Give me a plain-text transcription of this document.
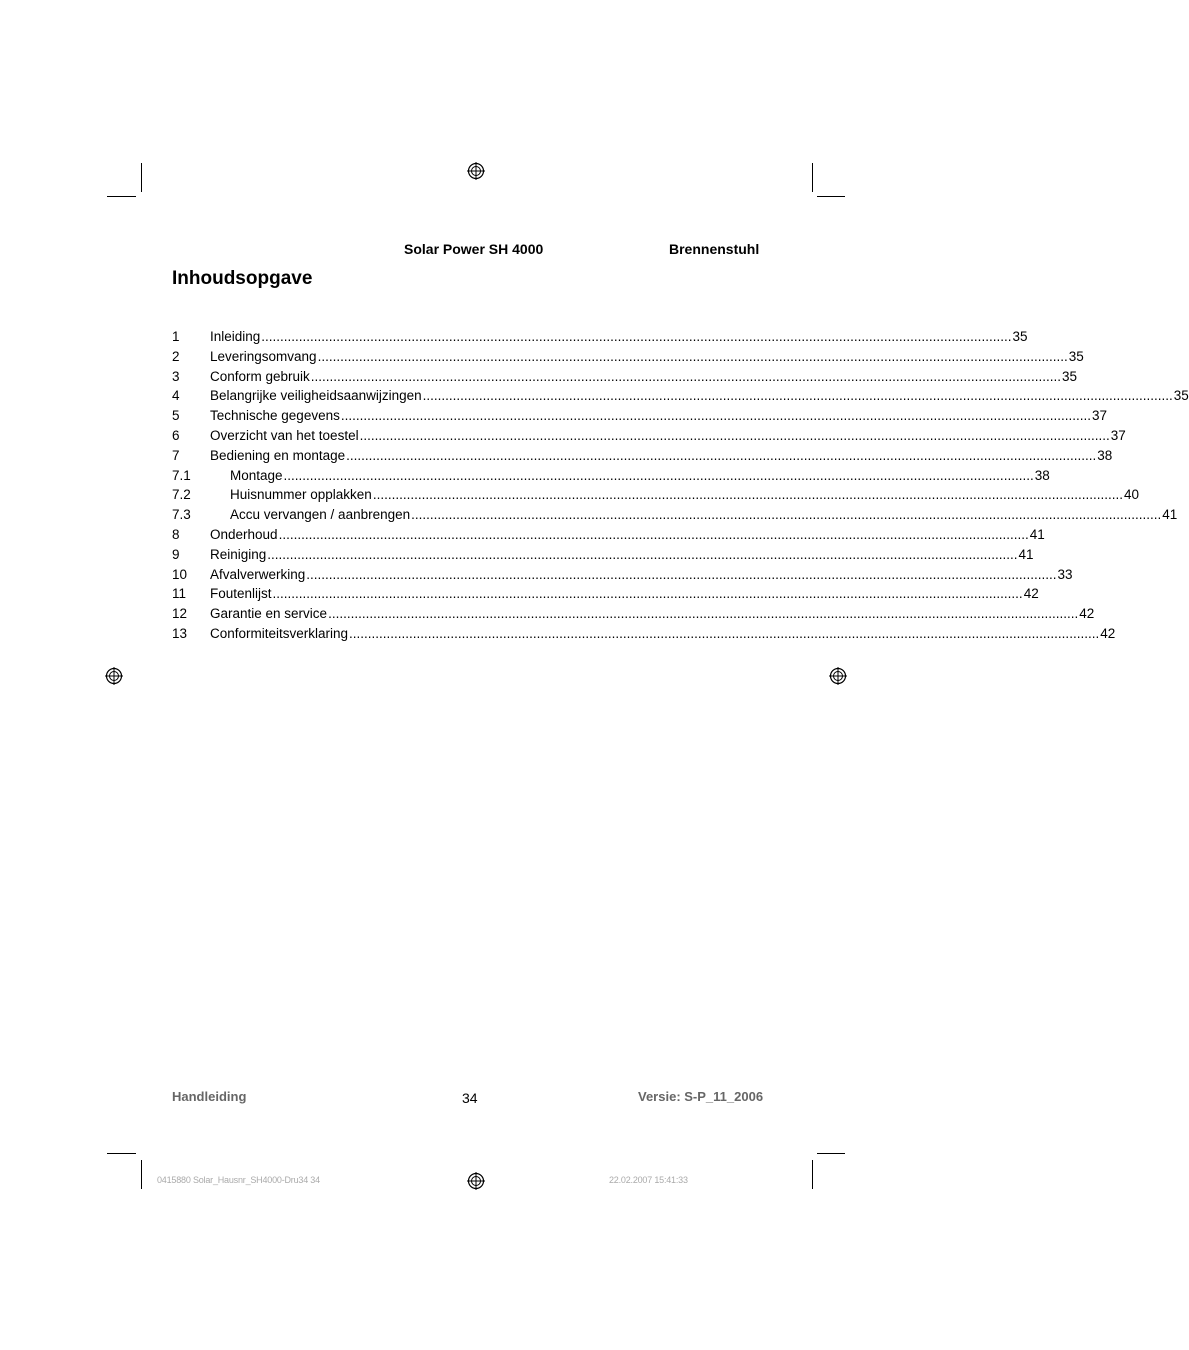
Solar Power SH 4000	Brennenstuhl
Inhoudsopgave
1	Inleiding ........................................................................................................................................................................................................ 35
2	Leveringsomvang ........................................................................................................................................................................................................ 35
3	Conform gebruik ........................................................................................................................................................................................................ 35
4	Belangrijke veiligheidsaanwijzingen ........................................................................................................................................................................................................ 35
5	Technische gegevens ........................................................................................................................................................................................................ 37
6	Overzicht van het toestel ........................................................................................................................................................................................................ 37
7	Bediening en montage ........................................................................................................................................................................................................ 38
7.1	Montage ........................................................................................................................................................................................................ 38
7.2	Huisnummer opplakken ........................................................................................................................................................................................................ 40
7.3	Accu vervangen / aanbrengen ........................................................................................................................................................................................................ 41
8	Onderhoud ........................................................................................................................................................................................................ 41
9	Reiniging ........................................................................................................................................................................................................ 41
10	Afvalverwerking ........................................................................................................................................................................................................ 33
11	Foutenlijst ........................................................................................................................................................................................................ 42
12	Garantie en service ........................................................................................................................................................................................................ 42
13	Conformiteitsverklaring ........................................................................................................................................................................................................ 42
Handleiding	34	Versie: S-P_11_2006
0415880 Solar_Hausnr_SH4000-Dru34 34	22.02.2007 15:41:33
